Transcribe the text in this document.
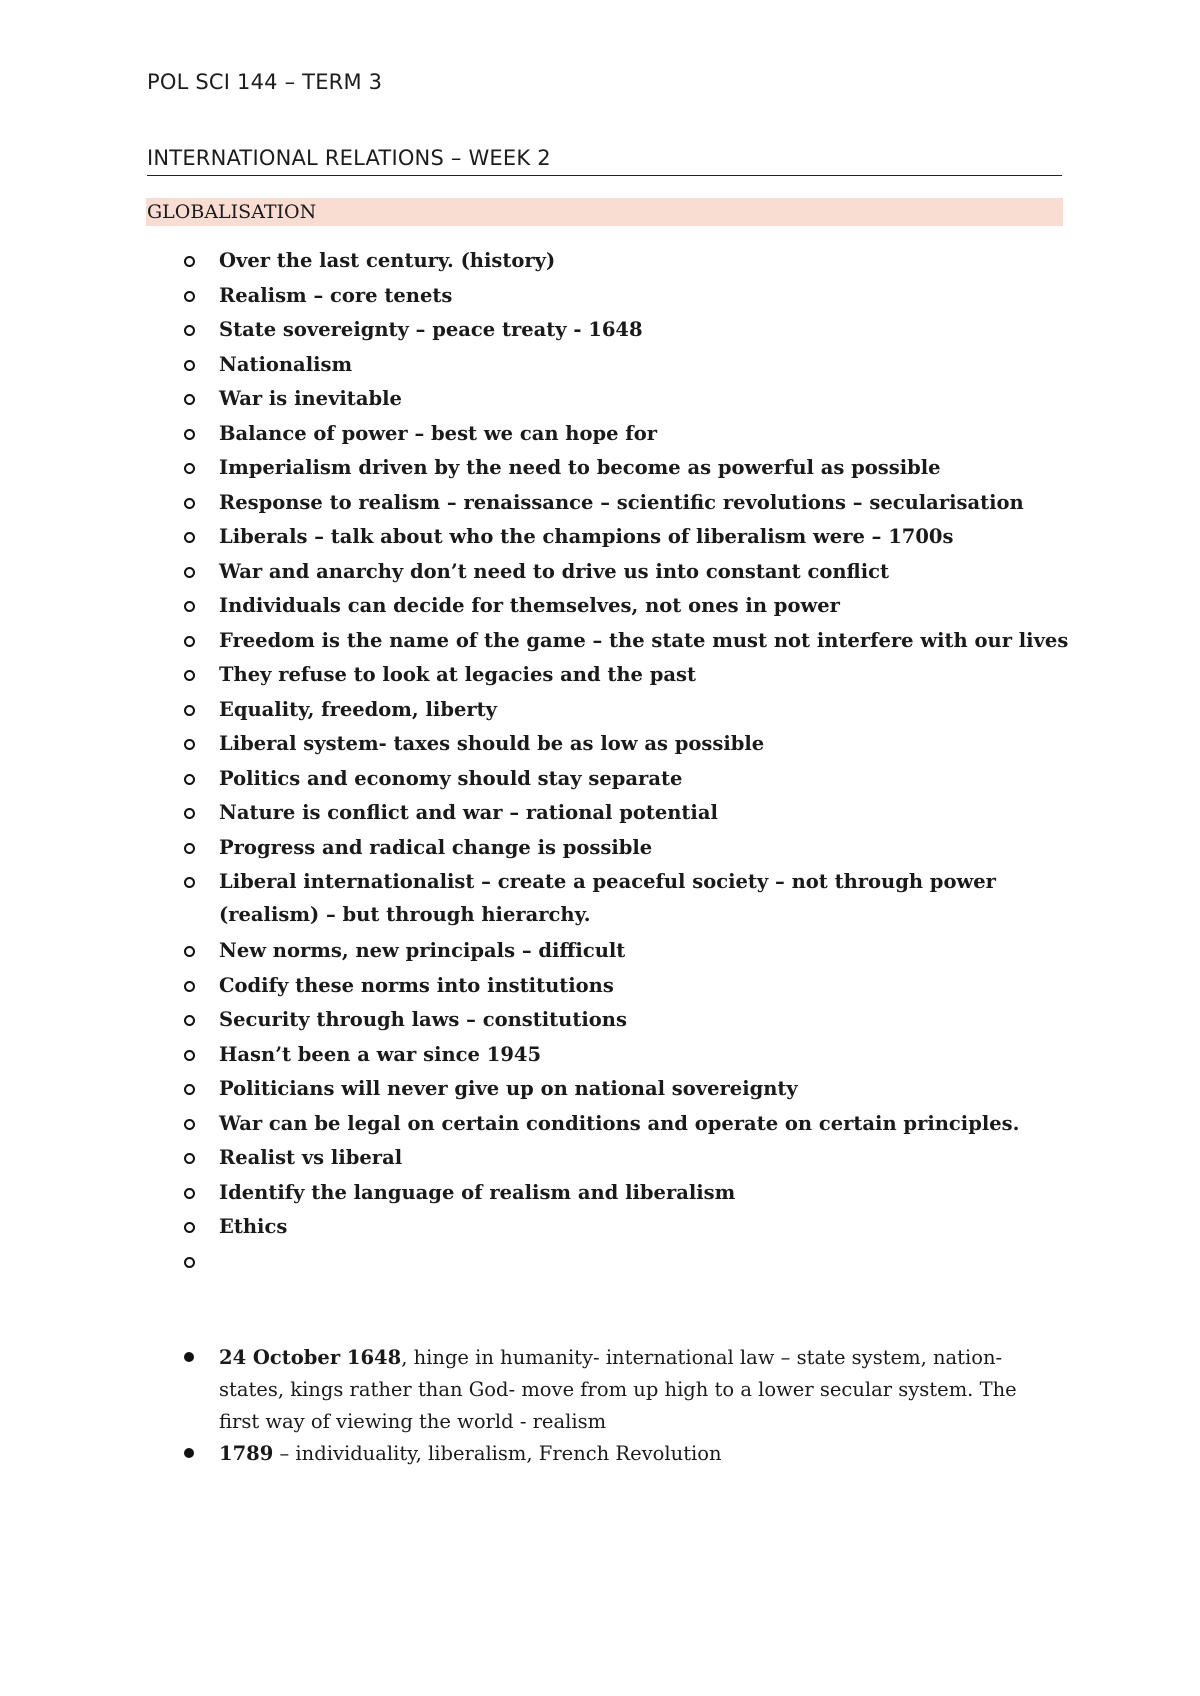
POL SCI 144 – TERM 3
INTERNATIONAL RELATIONS – WEEK 2
GLOBALISATION
Over the last century. (history)
Realism – core tenets
State sovereignty – peace treaty - 1648
Nationalism
War is inevitable
Balance of power – best we can hope for
Imperialism driven by the need to become as powerful as possible
Response to realism – renaissance – scientific revolutions – secularisation
Liberals – talk about who the champions of liberalism were – 1700s
War and anarchy don’t need to drive us into constant conflict
Individuals can decide for themselves, not ones in power
Freedom is the name of the game – the state must not interfere with our lives
They refuse to look at legacies and the past
Equality, freedom, liberty
Liberal system- taxes should be as low as possible
Politics and economy should stay separate
Nature is conflict and war – rational potential
Progress and radical change is possible
Liberal internationalist – create a peaceful society – not through power (realism) – but through hierarchy.
New norms, new principals – difficult
Codify these norms into institutions
Security through laws – constitutions
Hasn’t been a war since 1945
Politicians will never give up on national sovereignty
War can be legal on certain conditions and operate on certain principles.
Realist vs liberal
Identify the language of realism and liberalism
Ethics
24 October 1648, hinge in humanity- international law – state system, nation-states, kings rather than God- move from up high to a lower secular system. The first way of viewing the world - realism
1789 – individuality, liberalism, French Revolution
